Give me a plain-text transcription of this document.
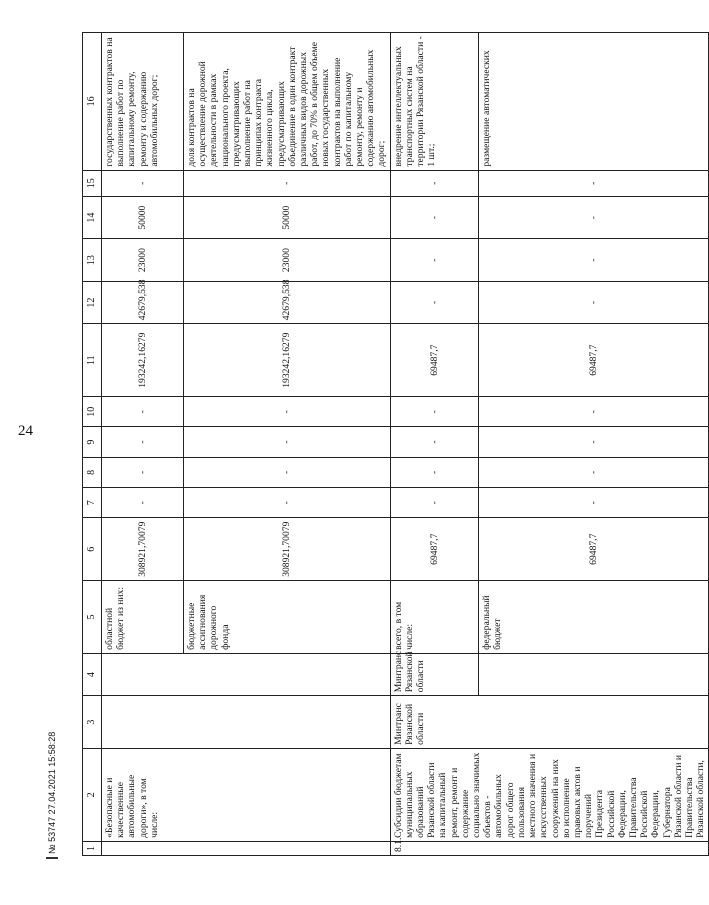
24
1	2	3	4	5	6	7	8	9	10	11	12	13	14	15	16
	«Безопасные и качественные автомобильные дороги», в том числе:			областной бюджет из них:	308921,70079	-	-	-	-	193242,16279	42679,538	23000	50000	-	государственных контрактов на выполнение работ по капитальному ремонту, ремонту и содержанию автомобильных дорог;
				бюджетные ассигнования дорожного фонда	308921,70079	-	-	-	-	193242,16279	42679,538	23000	50000	-	доля контрактов на осуществление дорожной деятельности в рамках национального проекта, предусматривающих выполнение работ на принципах контракта жизненного цикла, предусматривающих объединение в один контракт различных видов дорожных работ, до 70% в общем объеме новых государственных контрактов на выполнение работ по капитальному ремонту, ремонту и содержанию автомобильных дорог;
8.1.	Субсидии бюджетам муниципальных образований Рязанской области на капитальный ремонт, ремонт и содержание социально значимых объектов - автомобильных дорог общего пользования местного значения и искусственных сооружений на них во исполнение правовых актов и поручений Президента Российской Федерации, Правительства Российской Федерации, Губернатора Рязанской области и Правительства Рязанской области,	Минтранс Рязанской области	Минтранс Рязанской области	всего, в том числе:	69487,7	-	-	-	-	69487,7	-	-	-	-	внедрение интеллектуальных транспортных систем на территории Рязанской области - 1 шт.;
				федеральный бюджет	69487,7	-	-	-	-	69487,7	-	-	-	-	размещение автоматических
№ 53747 27.04.2021 15:58:28
